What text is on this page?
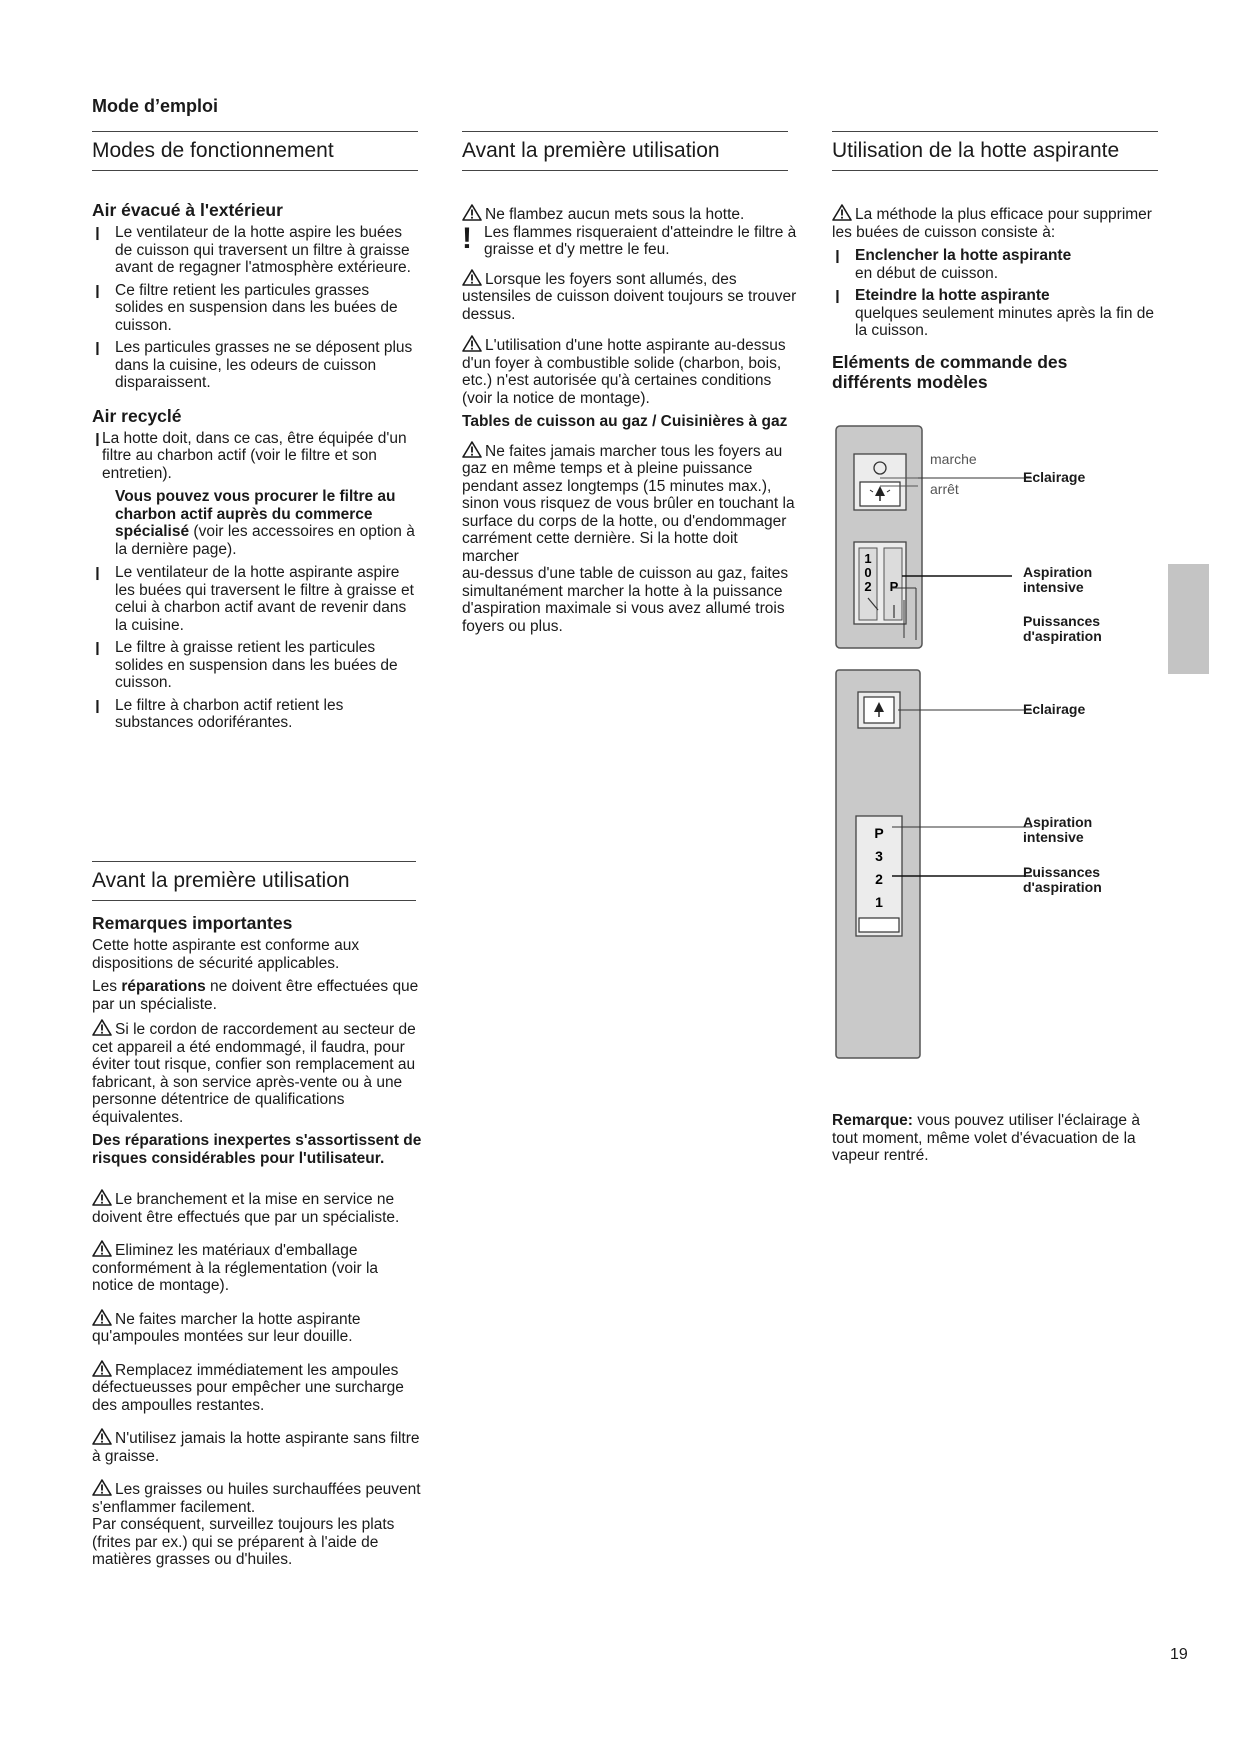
Mode d’emploi
Modes de fonctionnement
Air évacué à l'extérieur
❙ Le ventilateur de la hotte aspire les buées de cuisson qui traversent un filtre à graisse avant de regagner l'atmosphère extérieure.
❙ Ce filtre retient les particules grasses solides en suspension dans les buées de cuisson.
❙ Les particules grasses ne se déposent plus dans la cuisine, les odeurs de cuisson disparaissent.
Air recyclé
❙ La hotte doit, dans ce cas, être équipée d'un filtre au charbon actif (voir le filtre et son entretien).

Vous pouvez vous procurer le filtre au charbon actif auprès du commerce spécialisé (voir les accessoires en option à la dernière page).

❙ Le ventilateur de la hotte aspirante aspire les buées qui traversent le filtre à graisse et celui à charbon actif avant de revenir dans la cuisine.
❙ Le filtre à graisse retient les particules solides en suspension dans les buées de cuisson.
❙ Le filtre à charbon actif retient les substances odoriférantes.
Avant la première utilisation
Remarques importantes

Cette hotte aspirante est conforme aux dispositions de sécurité applicables.

Les réparations ne doivent être effectuées que par un spécialiste.

Si le cordon de raccordement au secteur de cet appareil a été endommagé, il faudra, pour éviter tout risque, confier son remplacement au fabricant, à son service après-vente ou à une personne détentrice de qualifications équivalentes.

Des réparations inexpertes s'assortissent de risques considérables pour l'utilisateur.

Le branchement et la mise en service ne doivent être effectués que par un spécialiste.

Eliminez les matériaux d'emballage conformément à la réglementation (voir la notice de montage).

Ne faites marcher la hotte aspirante qu'ampoules montées sur leur douille.

Remplacez immédiatement les ampoules défectueusses pour empêcher une surcharge des ampoulles restantes.

N'utilisez jamais la hotte aspirante sans filtre à graisse.

Les graisses ou huiles surchauffées peuvent s'enflammer facilement.

Par conséquent, surveillez toujours les plats (frites par ex.) qui se préparent à l'aide de matières grasses ou d'huiles.

Avant la première utilisation

Ne flambez aucun mets sous la hotte.

! Les flammes risqueraient d'atteindre le filtre à graisse et d'y mettre le feu.

Lorsque les foyers sont allumés, des ustensiles de cuisson doivent toujours se trouver dessus.

L'utilisation d'une hotte aspirante au-dessus d'un foyer à combustible solide (charbon, bois, etc.) n'est autorisée qu'à certaines conditions (voir la notice de montage).

Tables de cuisson au gaz / Cuisinières à gaz

Ne faites jamais marcher tous les foyers au gaz en même temps et à pleine puissance pendant assez longtemps (15 minutes max.), sinon vous risquez de vous brûler en touchant la surface du corps de la hotte, ou d'endommager carrément cette dernière. Si la hotte doit marcher

au-dessus d'une table de cuisson au gaz, faites simultanément marcher la hotte à la puissance d'aspiration maximale si vous avez allumé trois foyers ou plus.

Utilisation de la hotte aspirante

La méthode la plus efficace pour supprimer les buées de cuisson consiste à:

❙ Enclencher la hotte aspirante
en début de cuisson.
❙ Eteindre la hotte aspirante
quelques seulement minutes après la fin de la cuisson.
Eléments de commande des différents modèles
1
0
2 P
marche
arrêt
Eclairage
Aspiration intensive
Puissances d'aspiration
P
3
2
1
Eclairage
Aspiration intensive
Puissances d'aspiration

Remarque: vous pouvez utiliser l'éclairage à tout moment, même volet d'évacuation de la vapeur rentré.

19
